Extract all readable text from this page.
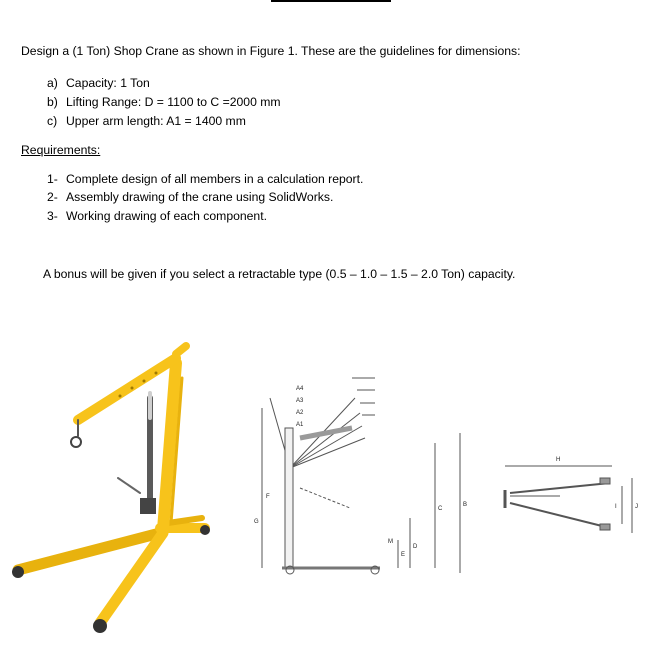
Design a (1 Ton) Shop Crane as shown in Figure 1. These are the guidelines for dimensions:
a) Capacity: 1 Ton
b) Lifting Range: D = 1100 to C =2000 mm
c) Upper arm length: A1 = 1400 mm
Requirements:
1- Complete design of all members in a calculation report.
2- Assembly drawing of the crane using SolidWorks.
3- Working drawing of each component.
A bonus will be given if you select a retractable type (0.5 – 1.0 – 1.5 – 2.0 Ton) capacity.
A4
A3
A2
A1
G
F
C
B
D
E
M
H
I	J
